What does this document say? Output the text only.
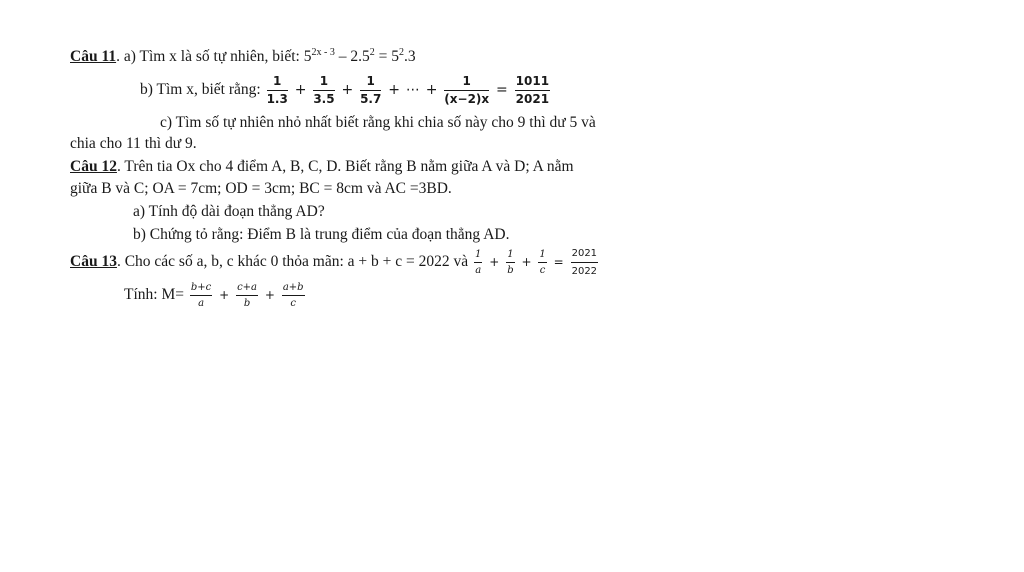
Câu 11. a) Tìm x là số tự nhiên, biết: $5^{2x - 3} - 2.5^2 = 5^2.3$
b) Tìm x, biết rằng: $\frac{1}{1.3} + \frac{1}{3.5} + \frac{1}{5.7}$ + ⋯ + $\frac{1}{(x-2)x} = \frac{1011}{2021}$
c) Tìm số tự nhiên nhỏ nhất biết rằng khi chia số này cho 9 thì dư 5 và
chia cho 11 thì dư 9.
Câu 12. Trên tia Ox cho 4 điểm A, B, C, D. Biết rằng B nằm giữa A và D; A nằm
giữa B và C; OA = 7cm; OD = 3cm; BC = 8cm và AC =3BD.
a) Tính độ dài đoạn thẳng AD?
b) Chứng tỏ rằng: Điểm B là trung điểm của đoạn thẳng AD.
Câu 13. Cho các số a, b, c khác 0 thỏa mãn: a + b + c = 2022 và $\frac{1}{a} + \frac{1}{b} + \frac{1}{c} = \frac{2021}{2022}$
Tính: $M= \frac{b+c}{a} + \frac{c+a}{b} + \frac{a+b}{c}$
